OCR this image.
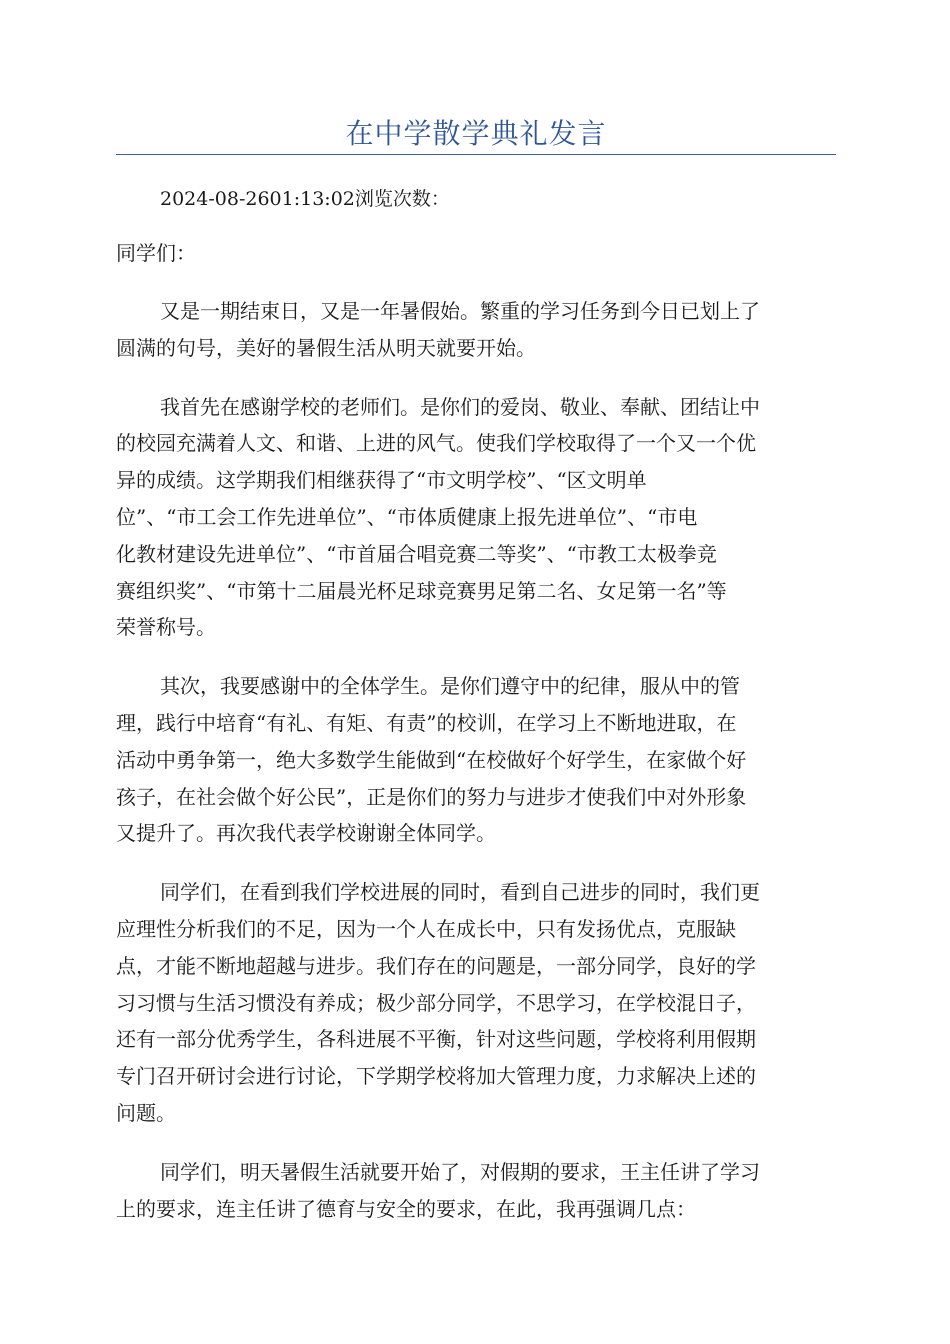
在中学散学典礼发言

2024-08-2601:13:02浏览次数：

同学们：

又是一期结束日，又是一年暑假始。繁重的学习任务到今日已划上了
圆满的句号，美好的暑假生活从明天就要开始。

我首先在感谢学校的老师们。是你们的爱岗、敬业、奉献、团结让中
的校园充满着人文、和谐、上进的风气。使我们学校取得了一个又一个优
异的成绩。这学期我们相继获得了“市文明学校”、“区文明单
位”、“市工会工作先进单位”、“市体质健康上报先进单位”、“市电
化教材建设先进单位”、“市首届合唱竞赛二等奖”、“市教工太极拳竞
赛组织奖”、“市第十二届晨光杯足球竞赛男足第二名、女足第一名”等
荣誉称号。

其次，我要感谢中的全体学生。是你们遵守中的纪律，服从中的管
理，践行中培育“有礼、有矩、有责”的校训，在学习上不断地进取，在
活动中勇争第一，绝大多数学生能做到“在校做好个好学生，在家做个好
孩子，在社会做个好公民”，正是你们的努力与进步才使我们中对外形象
又提升了。再次我代表学校谢谢全体同学。

同学们，在看到我们学校进展的同时，看到自己进步的同时，我们更
应理性分析我们的不足，因为一个人在成长中，只有发扬优点，克服缺
点，才能不断地超越与进步。我们存在的问题是，一部分同学，良好的学
习习惯与生活习惯没有养成；极少部分同学，不思学习，在学校混日子，
还有一部分优秀学生，各科进展不平衡，针对这些问题，学校将利用假期
专门召开研讨会进行讨论，下学期学校将加大管理力度，力求解决上述的
问题。

同学们，明天暑假生活就要开始了，对假期的要求，王主任讲了学习
上的要求，连主任讲了德育与安全的要求，在此，我再强调几点：
